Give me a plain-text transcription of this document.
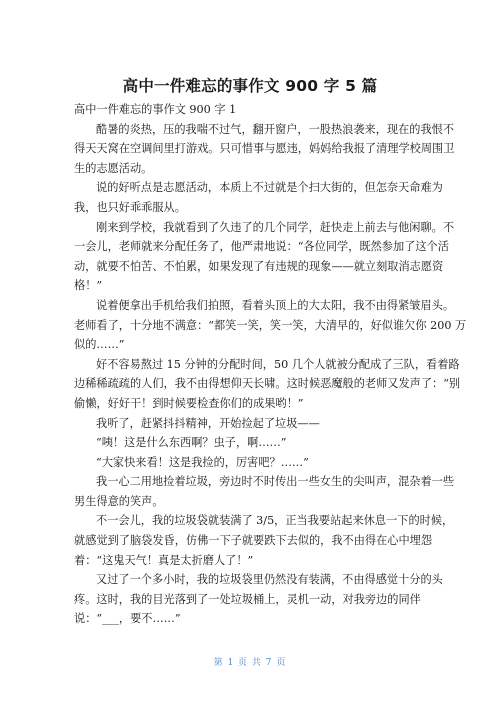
高中一件难忘的事作文 900 字 5 篇
高中一件难忘的事作文 900 字 1
酷暑的炎热，压的我喘不过气，翻开窗户，一股热浪袭来，现在的我恨不
得天天窝在空调间里打游戏。只可惜事与愿违，妈妈给我报了清理学校周围卫
生的志愿活动。
说的好听点是志愿活动，本质上不过就是个扫大街的，但怎奈天命难为
我，也只好乖乖服从。
刚来到学校，我就看到了久违了的几个同学，赶快走上前去与他闲聊。不
一会儿，老师就来分配任务了，他严肃地说：“各位同学，既然参加了这个活
动，就要不怕苦、不怕累，如果发现了有违规的现象——就立刻取消志愿资
格！”
说着便拿出手机给我们拍照，看着头顶上的大太阳，我不由得紧皱眉头。
老师看了，十分地不满意：“都笑一笑，笑一笑，大清早的，好似谁欠你 200 万
似的……”
好不容易熬过 15 分钟的分配时间，50 几个人就被分配成了三队，看着路
边稀稀疏疏的人们，我不由得想仰天长啸。这时候恶魔般的老师又发声了：“别
偷懒，好好干！到时候要检查你们的成果哟！”
我听了，赶紧抖抖精神，开始捡起了垃圾——
“咦！这是什么东西啊？虫子，啊……”
“大家快来看！这是我捡的，厉害吧？……”
我一心二用地捡着垃圾，旁边时不时传出一些女生的尖叫声，混杂着一些
男生得意的笑声。
不一会儿，我的垃圾袋就装满了 3/5，正当我要站起来休息一下的时候，
就感觉到了脑袋发昏，仿佛一下子就要跌下去似的，我不由得在心中埋怨
着：“这鬼天气！真是太折磨人了！”
又过了一个多小时，我的垃圾袋里仍然没有装满，不由得感觉十分的头
疼。这时，我的目光落到了一处垃圾桶上，灵机一动，对我旁边的同伴
说：“___，要不……”
第 1 页 共 7 页
